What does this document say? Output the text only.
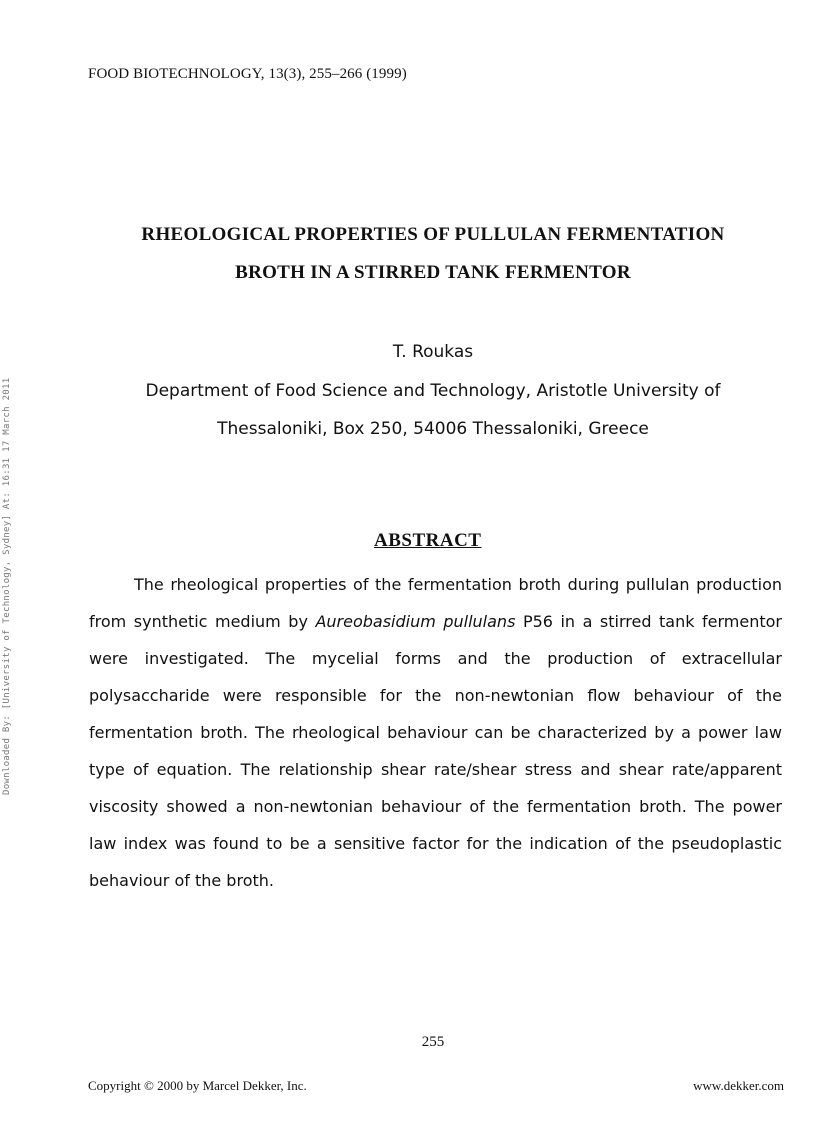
FOOD BIOTECHNOLOGY, 13(3), 255–266 (1999)
Downloaded By: [University of Technology, Sydney] At: 16:31 17 March 2011
RHEOLOGICAL PROPERTIES OF PULLULAN FERMENTATION
BROTH IN A STIRRED TANK FERMENTOR
T. Roukas
Department of Food Science and Technology, Aristotle University of
Thessaloniki, Box 250, 54006 Thessaloniki, Greece
ABSTRACT

The rheological properties of the fermentation broth during pullulan production from synthetic medium by Aureobasidium pullulans P56 in a stirred tank fermentor were investigated. The mycelial forms and the production of extracellular polysaccharide were responsible for the non-newtonian flow behaviour of the fermentation broth. The rheological behaviour can be characterized by a power law type of equation. The relationship shear rate/shear stress and shear rate/apparent viscosity showed a non-newtonian behaviour of the fermentation broth. The power law index was found to be a sensitive factor for the indication of the pseudoplastic behaviour of the broth.

255
Copyright © 2000 by Marcel Dekker, Inc.	www.dekker.com
